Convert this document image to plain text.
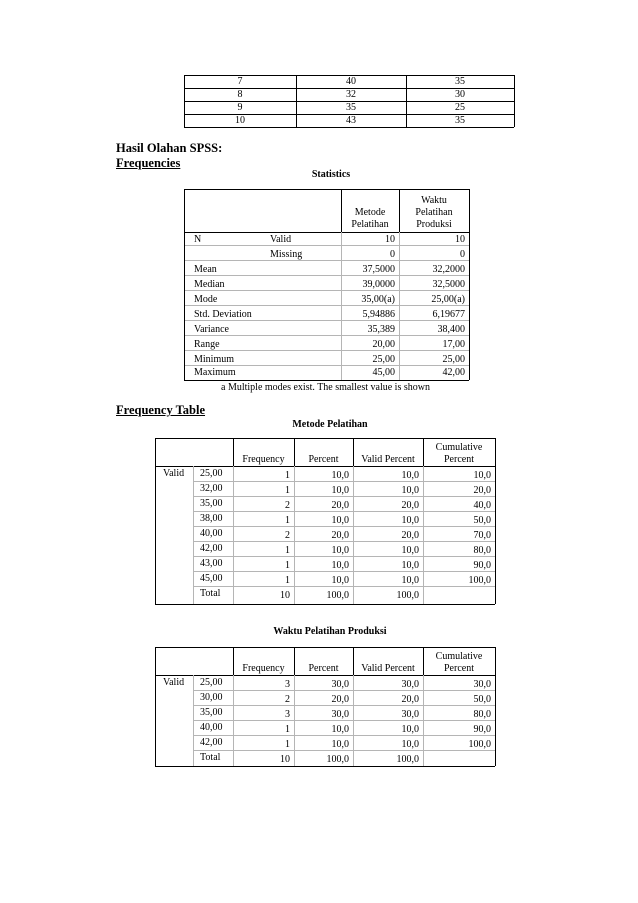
7	40	35
8	32	30
9	35	25
10	43	35
Hasil Olahan SPSS:
Frequencies
Statistics
Metode
Pelatihan
Waktu
Pelatihan
Produksi
N	Valid	10	10
Missing	0	0
Mean	37,5000	32,2000
Median	39,0000	32,5000
Mode	35,00(a)	25,00(a)
Std. Deviation	5,94886	6,19677
Variance	35,389	38,400
Range	20,00	17,00
Minimum	25,00	25,00
Maximum	45,00	42,00
a Multiple modes exist. The smallest value is shown
Frequency Table
Metode Pelatihan
Frequency	Percent	Valid Percent
Cumulative
Percent
Valid 25,00	1	10,0	10,0	10,0
32,00	1	10,0	10,0	20,0
35,00	2	20,0	20,0	40,0
38,00	1	10,0	10,0	50,0
40,00	2	20,0	20,0	70,0
42,00	1	10,0	10,0	80,0
43,00	1	10,0	10,0	90,0
45,00	1	10,0	10,0	100,0
Total	10	100,0	100,0
Waktu Pelatihan Produksi
Frequency	Percent	Valid Percent
Cumulative
Percent
Valid 25,00	3	30,0	30,0	30,0
30,00	2	20,0	20,0	50,0
35,00	3	30,0	30,0	80,0
40,00	1	10,0	10,0	90,0
42,00	1	10,0	10,0	100,0
Total	10	100,0	100,0
